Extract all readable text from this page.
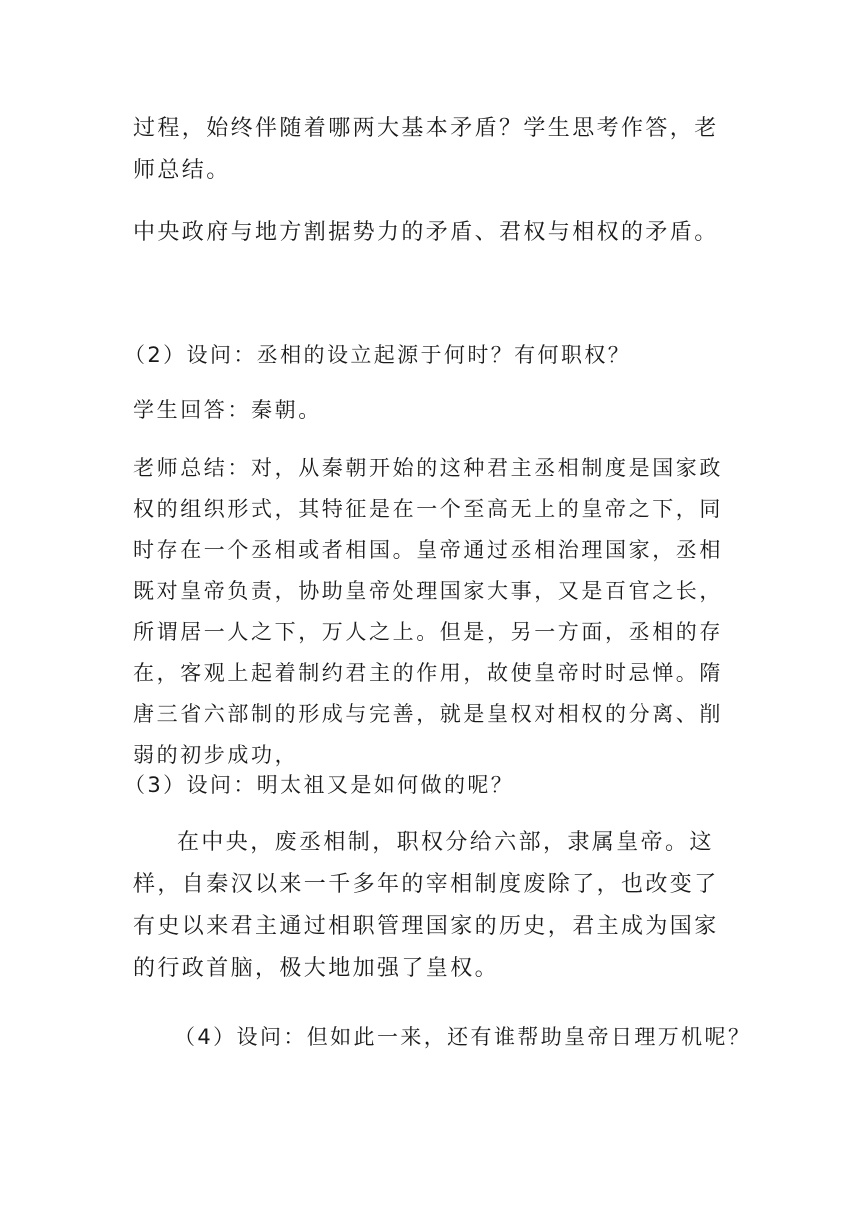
过程，始终伴随着哪两大基本矛盾？学生思考作答，老师总结。

中央政府与地方割据势力的矛盾、君权与相权的矛盾。

（2）设问：丞相的设立起源于何时？有何职权？

学生回答：秦朝。

老师总结：对，从秦朝开始的这种君主丞相制度是国家政权的组织形式，其特征是在一个至高无上的皇帝之下，同时存在一个丞相或者相国。皇帝通过丞相治理国家，丞相既对皇帝负责，协助皇帝处理国家大事，又是百官之长，所谓居一人之下，万人之上。但是，另一方面，丞相的存在，客观上起着制约君主的作用，故使皇帝时时忌惮。隋唐三省六部制的形成与完善，就是皇权对相权的分离、削弱的初步成功，

（3）设问：明太祖又是如何做的呢？

在中央，废丞相制，职权分给六部，隶属皇帝。这样，自秦汉以来一千多年的宰相制度废除了，也改变了有史以来君主通过相职管理国家的历史，君主成为国家的行政首脑，极大地加强了皇权。

（4）设问：但如此一来，还有谁帮助皇帝日理万机呢？
